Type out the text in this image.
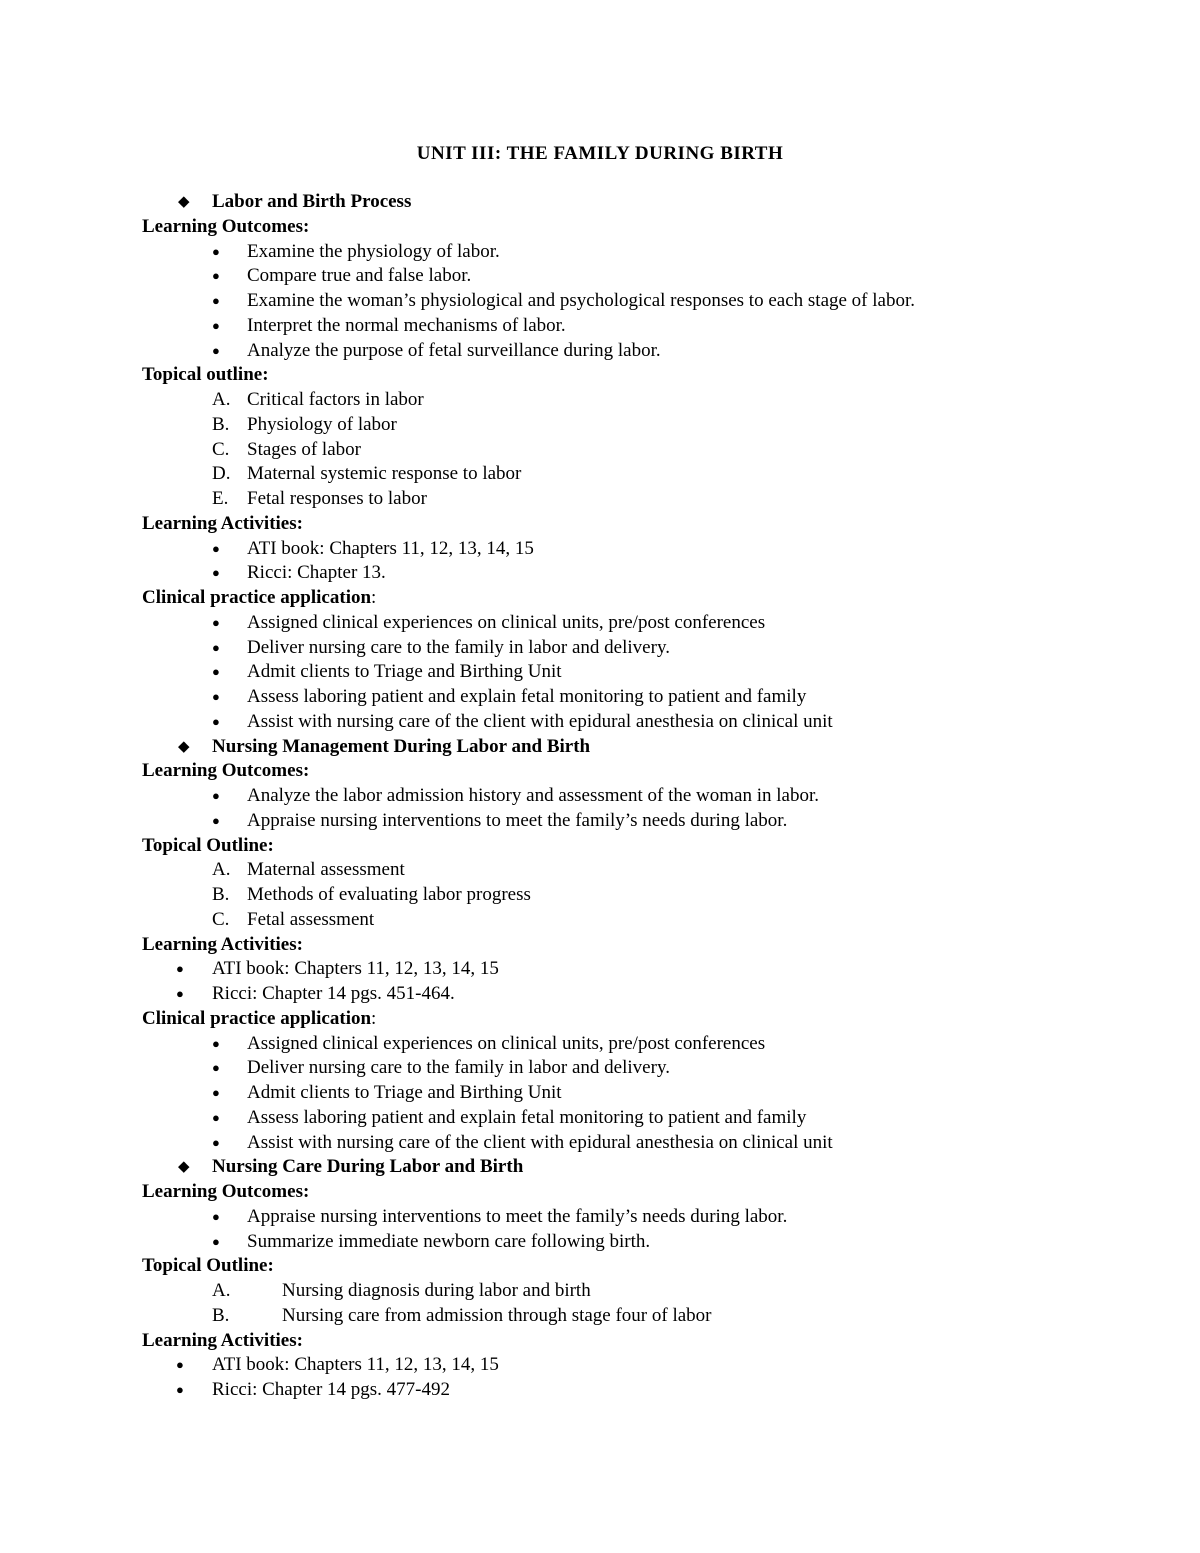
UNIT III: THE FAMILY DURING BIRTH
◆ Labor and Birth Process
Learning Outcomes:
● Examine the physiology of labor.
● Compare true and false labor.
● Examine the woman’s physiological and psychological responses to each stage of labor.
● Interpret the normal mechanisms of labor.
● Analyze the purpose of fetal surveillance during labor.
Topical outline:
A. Critical factors in labor
B. Physiology of labor
C. Stages of labor
D. Maternal systemic response to labor
E. Fetal responses to labor
Learning Activities:
● ATI book: Chapters 11, 12, 13, 14, 15
● Ricci: Chapter 13.
Clinical practice application:
● Assigned clinical experiences on clinical units, pre/post conferences
● Deliver nursing care to the family in labor and delivery.
● Admit clients to Triage and Birthing Unit
● Assess laboring patient and explain fetal monitoring to patient and family
● Assist with nursing care of the client with epidural anesthesia on clinical unit
◆ Nursing Management During Labor and Birth
Learning Outcomes:
● Analyze the labor admission history and assessment of the woman in labor.
● Appraise nursing interventions to meet the family’s needs during labor.
Topical Outline:
A. Maternal assessment
B. Methods of evaluating labor progress
C. Fetal assessment
Learning Activities:
● ATI book: Chapters 11, 12, 13, 14, 15
● Ricci: Chapter 14 pgs. 451-464.
Clinical practice application:
● Assigned clinical experiences on clinical units, pre/post conferences
● Deliver nursing care to the family in labor and delivery.
● Admit clients to Triage and Birthing Unit
● Assess laboring patient and explain fetal monitoring to patient and family
● Assist with nursing care of the client with epidural anesthesia on clinical unit
◆ Nursing Care During Labor and Birth
Learning Outcomes:
● Appraise nursing interventions to meet the family’s needs during labor.
● Summarize immediate newborn care following birth.
Topical Outline:
A.	Nursing diagnosis during labor and birth
B.	Nursing care from admission through stage four of labor
Learning Activities:
● ATI book: Chapters 11, 12, 13, 14, 15
● Ricci: Chapter 14 pgs. 477-492
